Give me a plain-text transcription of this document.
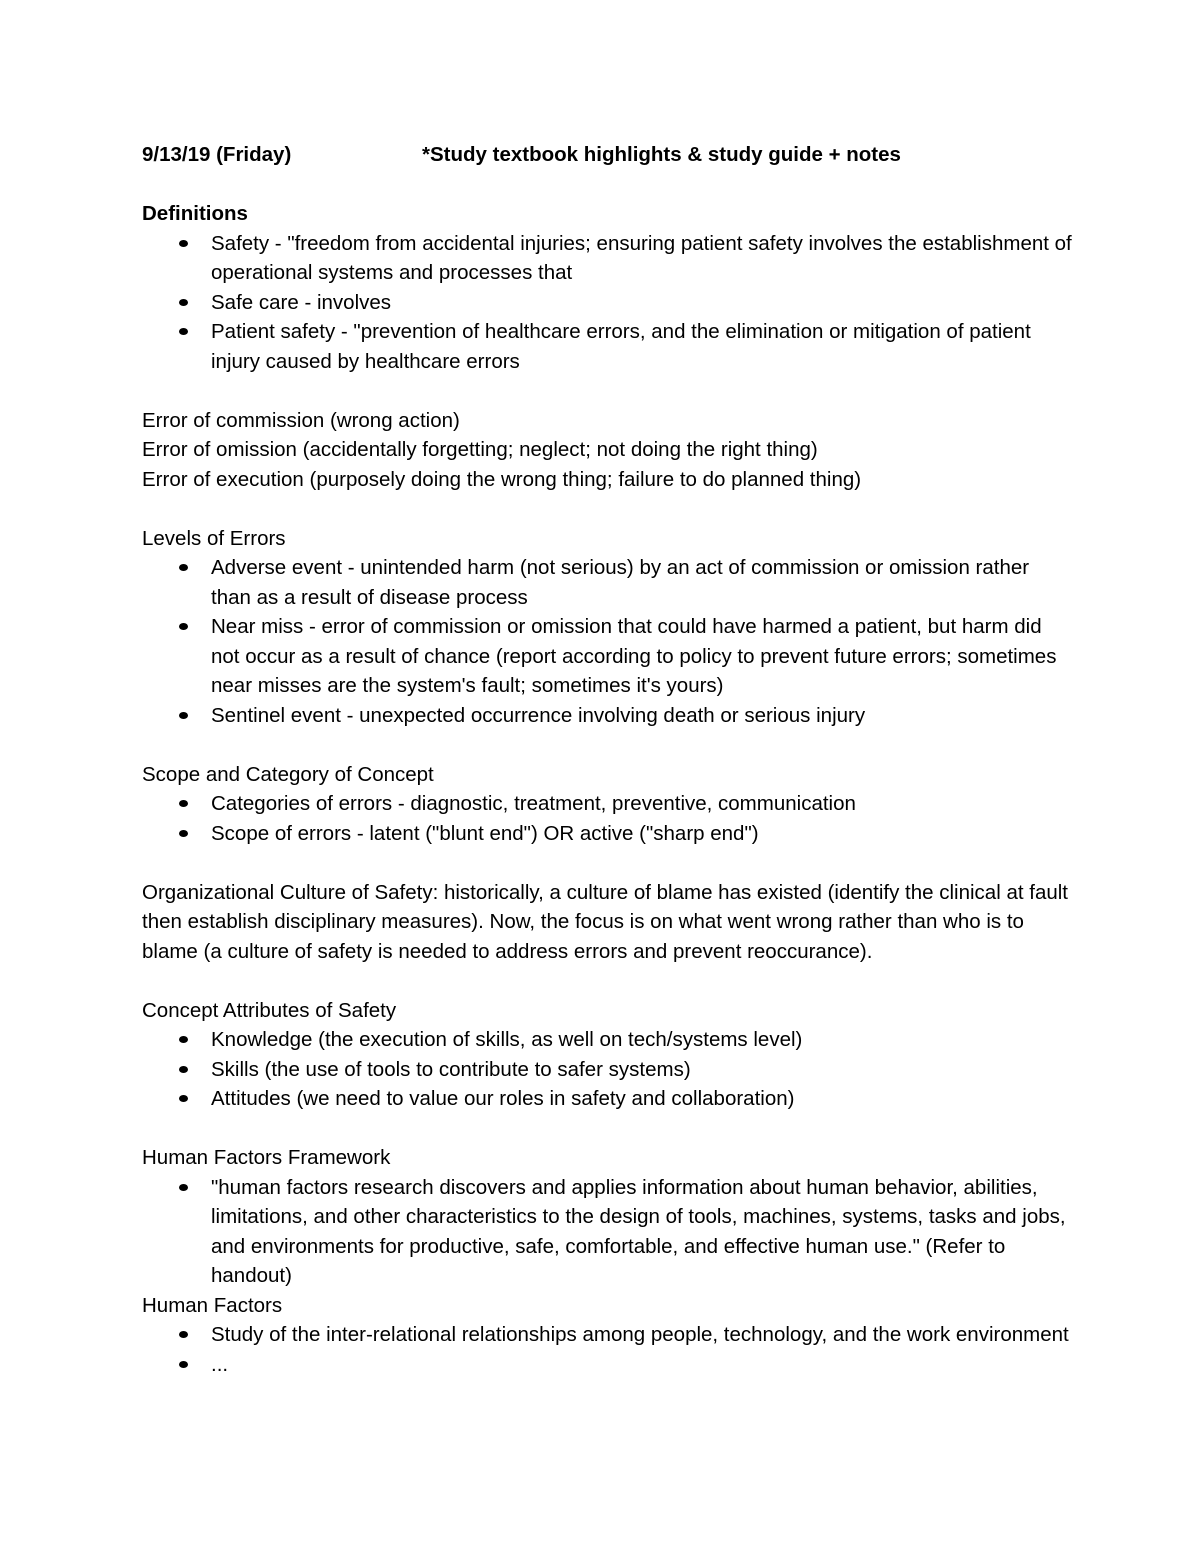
9/13/19 (Friday)	*Study textbook highlights & study guide + notes
Definitions
Safety - "freedom from accidental injuries; ensuring patient safety involves the establishment of operational systems and processes that
Safe care - involves
Patient safety - "prevention of healthcare errors, and the elimination or mitigation of patient injury caused by healthcare errors
Error of commission (wrong action)
Error of omission (accidentally forgetting; neglect; not doing the right thing)
Error of execution (purposely doing the wrong thing; failure to do planned thing)
Levels of Errors
Adverse event - unintended harm (not serious) by an act of commission or omission rather than as a result of disease process
Near miss - error of commission or omission that could have harmed a patient, but harm did not occur as a result of chance (report according to policy to prevent future errors; sometimes near misses are the system's fault; sometimes it's yours)
Sentinel event - unexpected occurrence involving death or serious injury
Scope and Category of Concept
Categories of errors - diagnostic, treatment, preventive, communication
Scope of errors - latent ("blunt end") OR active ("sharp end")
Organizational Culture of Safety: historically, a culture of blame has existed (identify the clinical at fault then establish disciplinary measures). Now, the focus is on what went wrong rather than who is to blame (a culture of safety is needed to address errors and prevent reoccurance).
Concept Attributes of Safety
Knowledge (the execution of skills, as well on tech/systems level)
Skills (the use of tools to contribute to safer systems)
Attitudes (we need to value our roles in safety and collaboration)
Human Factors Framework
"human factors research discovers and applies information about human behavior, abilities, limitations, and other characteristics to the design of tools, machines, systems, tasks and jobs, and environments for productive, safe, comfortable, and effective human use." (Refer to handout)
Human Factors
Study of the inter-relational relationships among people, technology, and the work environment
...
